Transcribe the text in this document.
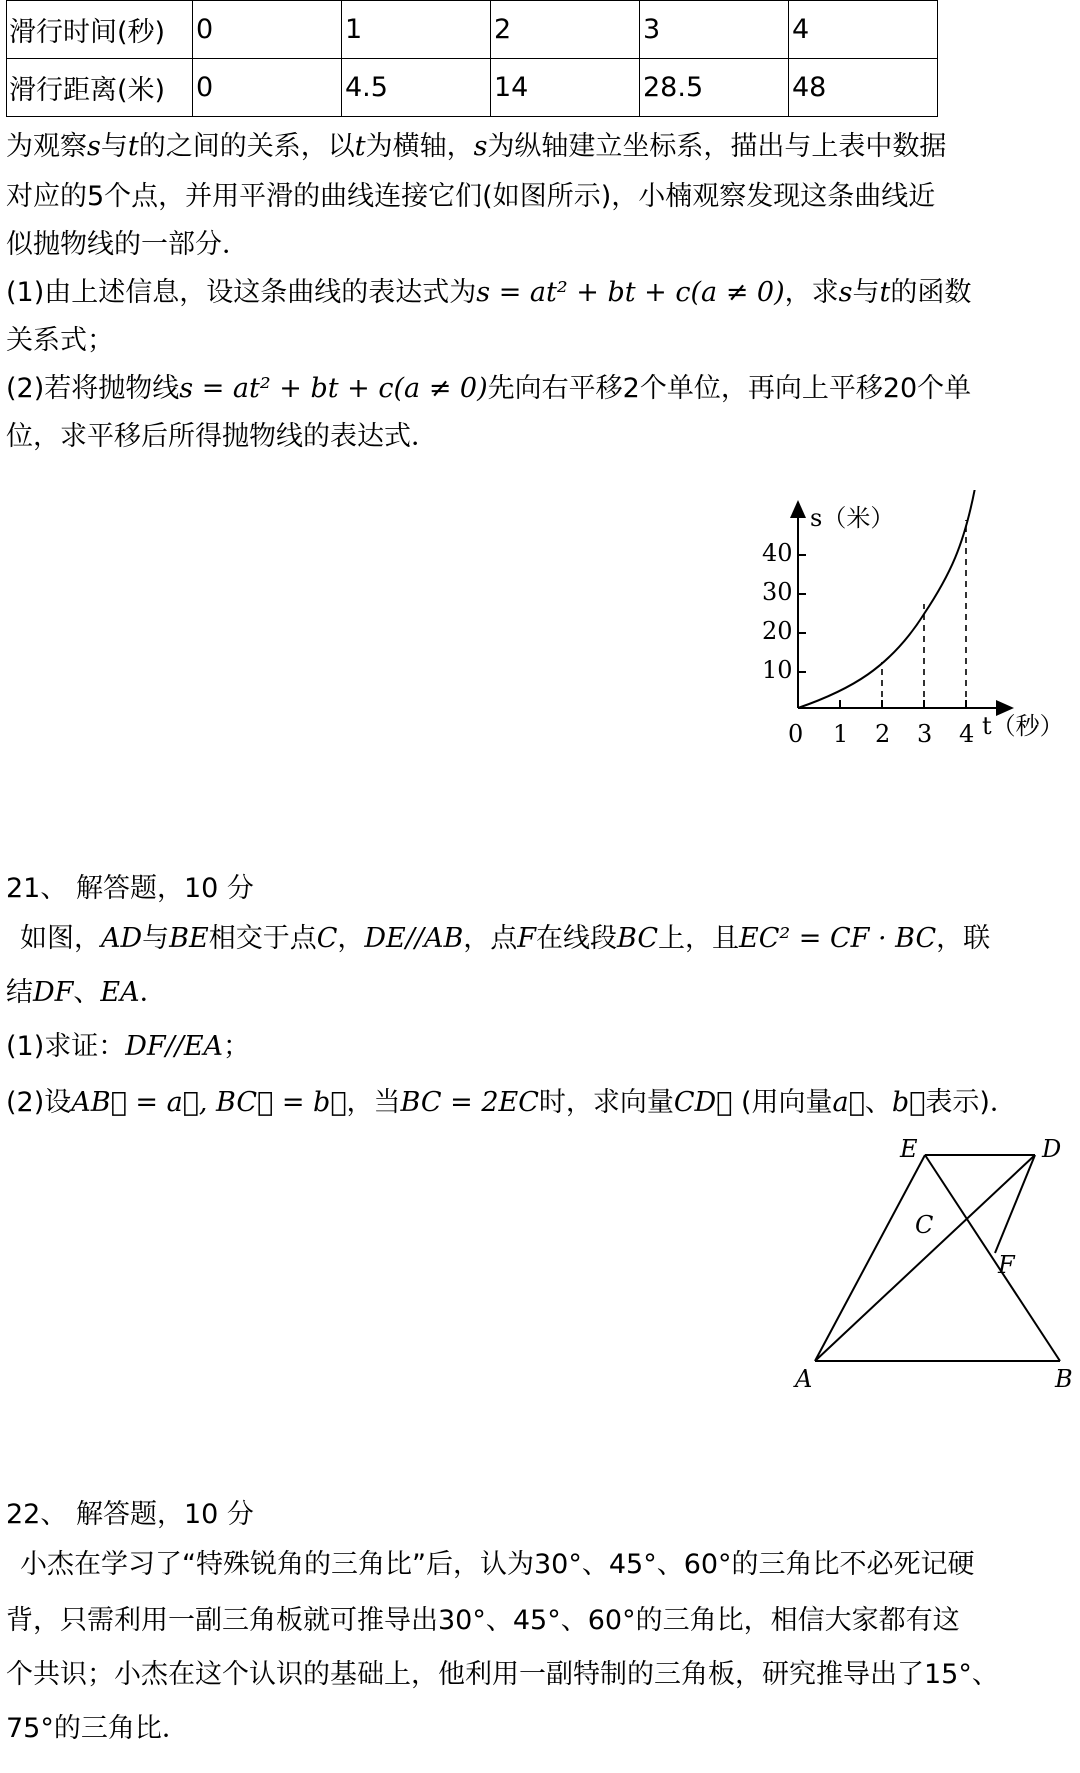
滑行时间(秒)	0	1	2	3	4
滑行距离(米)	0	4.5	14	28.5	48
为观察s与t的之间的关系，以t为横轴，s为纵轴建立坐标系，描出与上表中数据
对应的5个点，并用平滑的曲线连接它们(如图所示)，小楠观察发现这条曲线近
似抛物线的一部分．
(1)由上述信息，设这条曲线的表达式为s = at² + bt + c(a ≠ 0)，求s与t的函数
关系式；
(2)若将抛物线s = at² + bt + c(a ≠ 0)先向右平移2个单位，再向上平移20个单
位，求平移后所得抛物线的表达式．
40
30
20
10
0 1 2 3 4
s（米）
t（秒）
21、 解答题，10 分
如图，AD与BE相交于点C，DE//AB，点F在线段BC上，且EC² = CF · BC，联
结DF、EA．
(1)求证：DF//EA；
(2)设AB⃗ = a⃗, BC⃗ = b⃗，当BC = 2EC时，求向量CD⃗ (用向量a⃗、b⃗表示)．
E	D
C
F
A	B
22、 解答题，10 分
小杰在学习了“特殊锐角的三角比”后，认为30°、45°、60°的三角比不必死记硬
背，只需利用一副三角板就可推导出30°、45°、60°的三角比，相信大家都有这
个共识；小杰在这个认识的基础上，他利用一副特制的三角板，研究推导出了15°、
75°的三角比．
